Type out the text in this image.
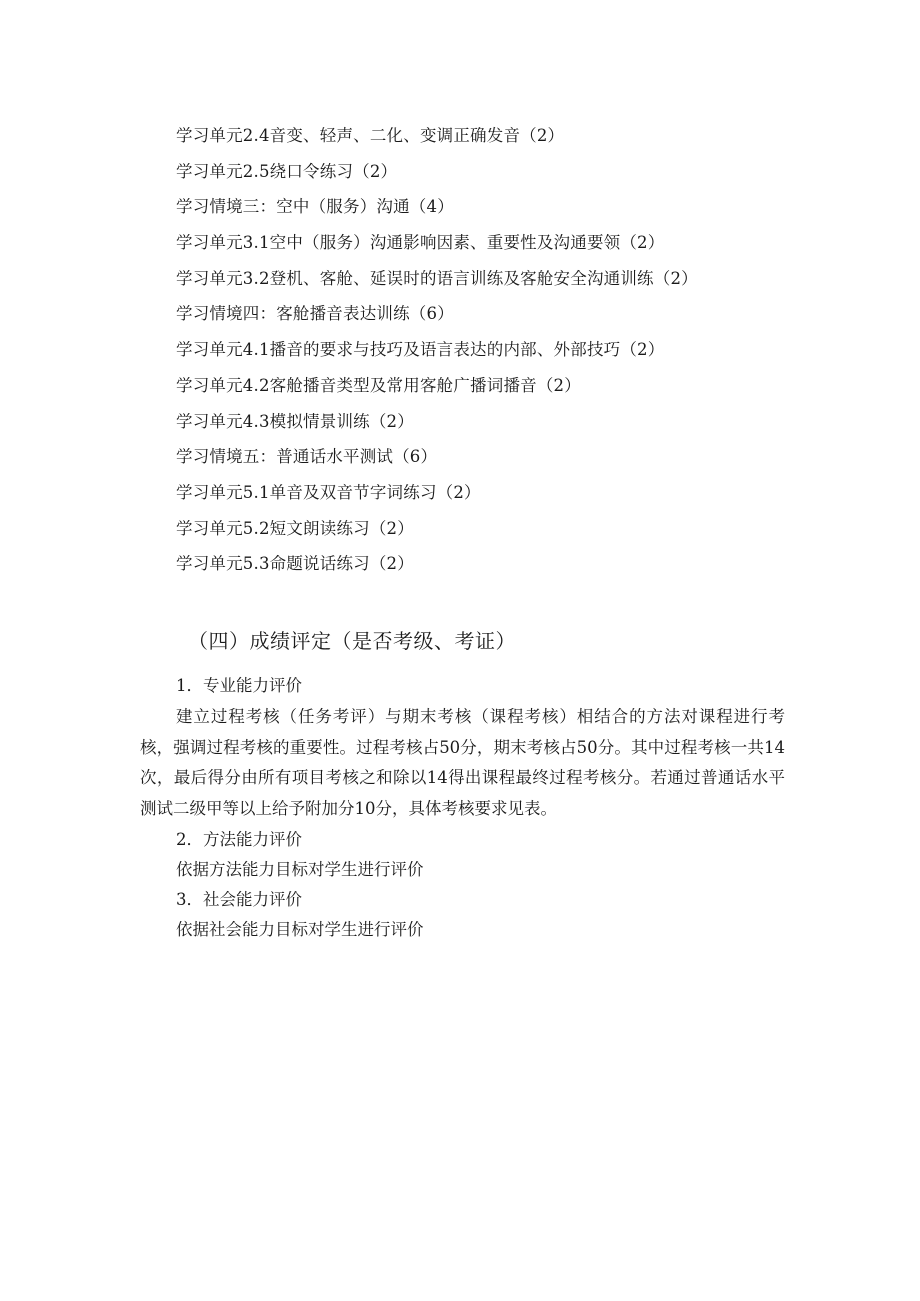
学习单元2.4音变、轻声、二化、变调正确发音（2）
学习单元2.5绕口令练习（2）
学习情境三：空中（服务）沟通（4）
学习单元3.1空中（服务）沟通影响因素、重要性及沟通要领（2）
学习单元3.2登机、客舱、延误时的语言训练及客舱安全沟通训练（2）
学习情境四：客舱播音表达训练（6）
学习单元4.1播音的要求与技巧及语言表达的内部、外部技巧（2）
学习单元4.2客舱播音类型及常用客舱广播词播音（2）
学习单元4.3模拟情景训练（2）
学习情境五：普通话水平测试（6）
学习单元5.1单音及双音节字词练习（2）
学习单元5.2短文朗读练习（2）
学习单元5.3命题说话练习（2）
（四）成绩评定（是否考级、考证）
1．专业能力评价

建立过程考核（任务考评）与期末考核（课程考核）相结合的方法对课程进行考核，强调过程考核的重要性。过程考核占50分，期末考核占50分。其中过程考核一共14次，最后得分由所有项目考核之和除以14得出课程最终过程考核分。若通过普通话水平测试二级甲等以上给予附加分10分，具体考核要求见表。

2．方法能力评价
依据方法能力目标对学生进行评价
3．社会能力评价
依据社会能力目标对学生进行评价
